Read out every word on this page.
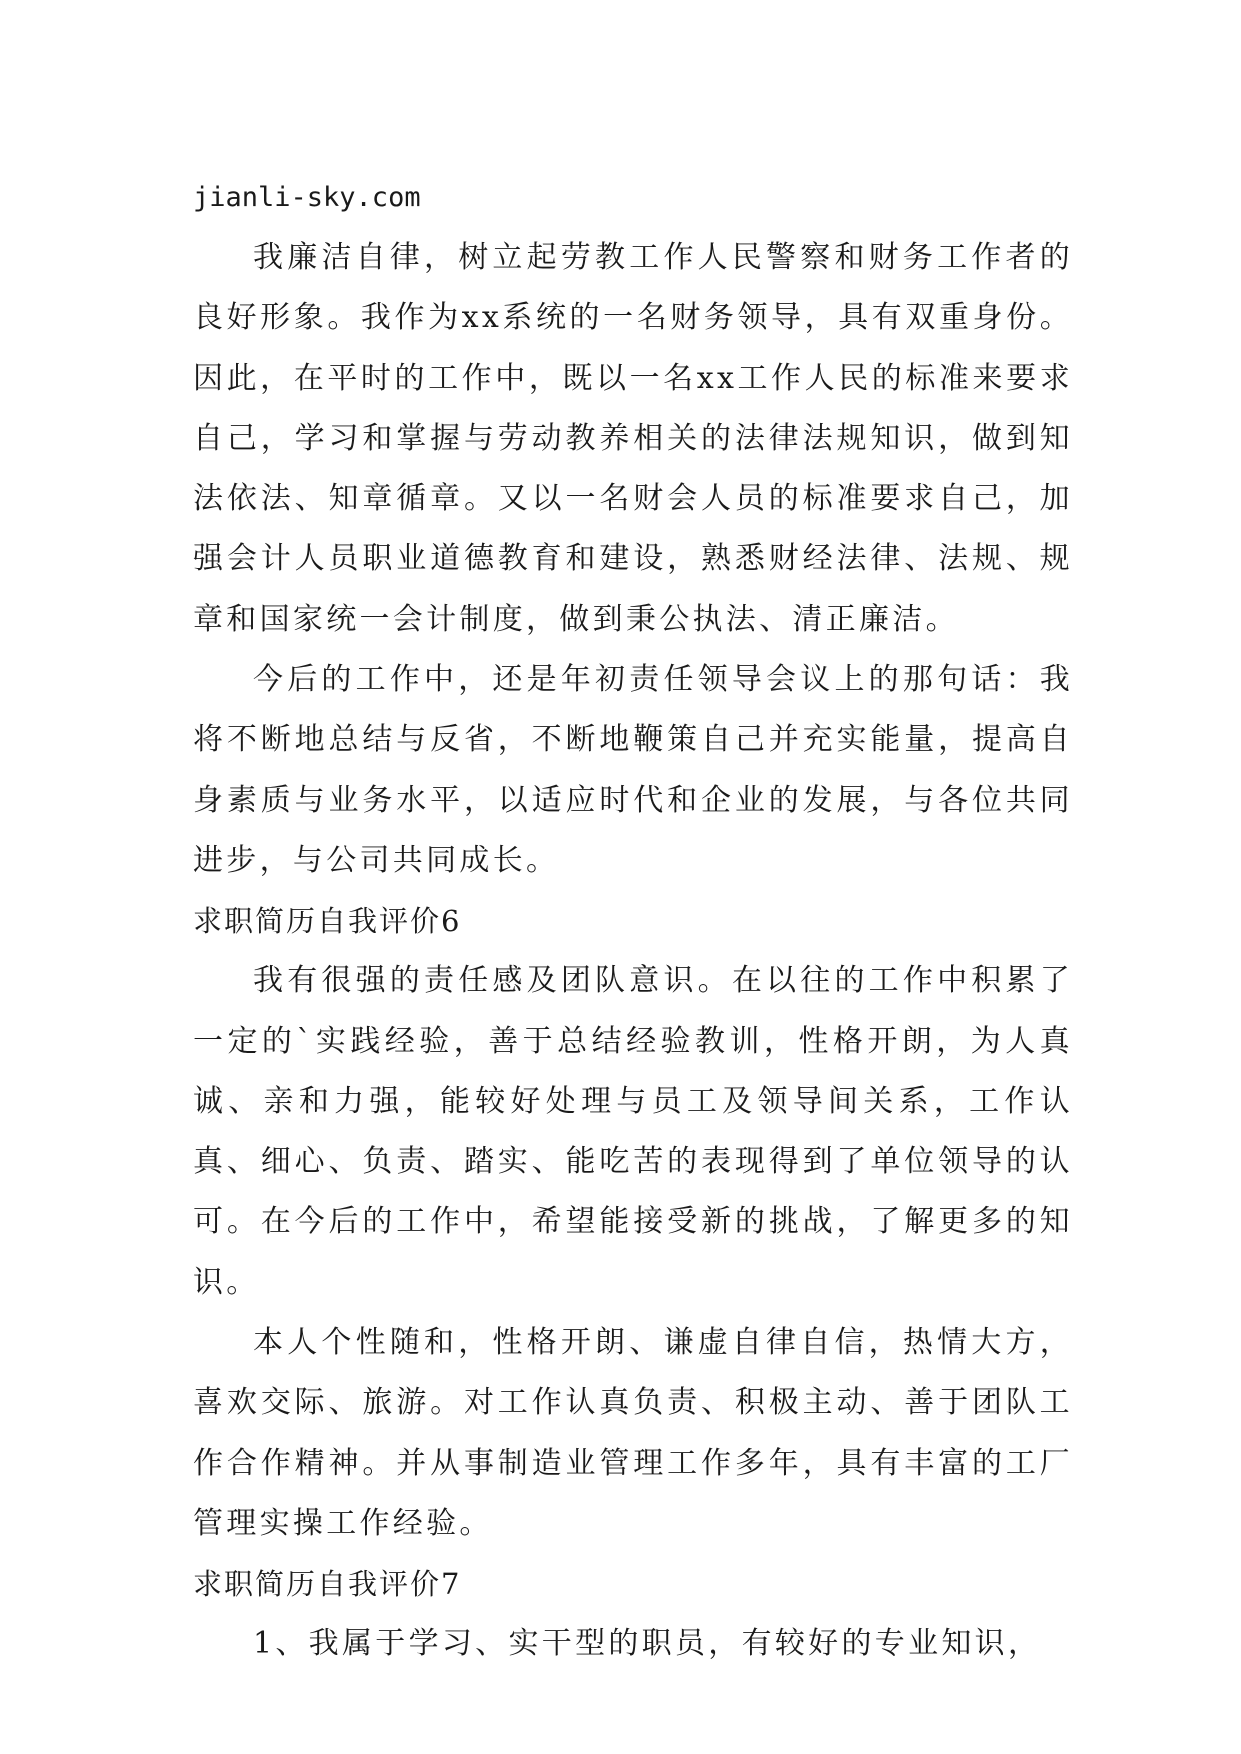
jianli-sky.com

我廉洁自律，树立起劳教工作人民警察和财务工作者的良好形象。我作为xx系统的一名财务领导，具有双重身份。因此，在平时的工作中，既以一名xx工作人民的标准来要求自己，学习和掌握与劳动教养相关的法律法规知识，做到知法依法、知章循章。又以一名财会人员的标准要求自己，加强会计人员职业道德教育和建设，熟悉财经法律、法规、规章和国家统一会计制度，做到秉公执法、清正廉洁。

今后的工作中，还是年初责任领导会议上的那句话：我将不断地总结与反省，不断地鞭策自己并充实能量，提高自身素质与业务水平，以适应时代和企业的发展，与各位共同进步，与公司共同成长。

求职简历自我评价6

我有很强的责任感及团队意识。在以往的工作中积累了一定的`实践经验，善于总结经验教训，性格开朗，为人真诚、亲和力强，能较好处理与员工及领导间关系，工作认真、细心、负责、踏实、能吃苦的表现得到了单位领导的认可。在今后的工作中，希望能接受新的挑战，了解更多的知识。

本人个性随和，性格开朗、谦虚自律自信，热情大方，喜欢交际、旅游。对工作认真负责、积极主动、善于团队工作合作精神。并从事制造业管理工作多年，具有丰富的工厂管理实操工作经验。

求职简历自我评价7

1、我属于学习、实干型的职员，有较好的专业知识，
